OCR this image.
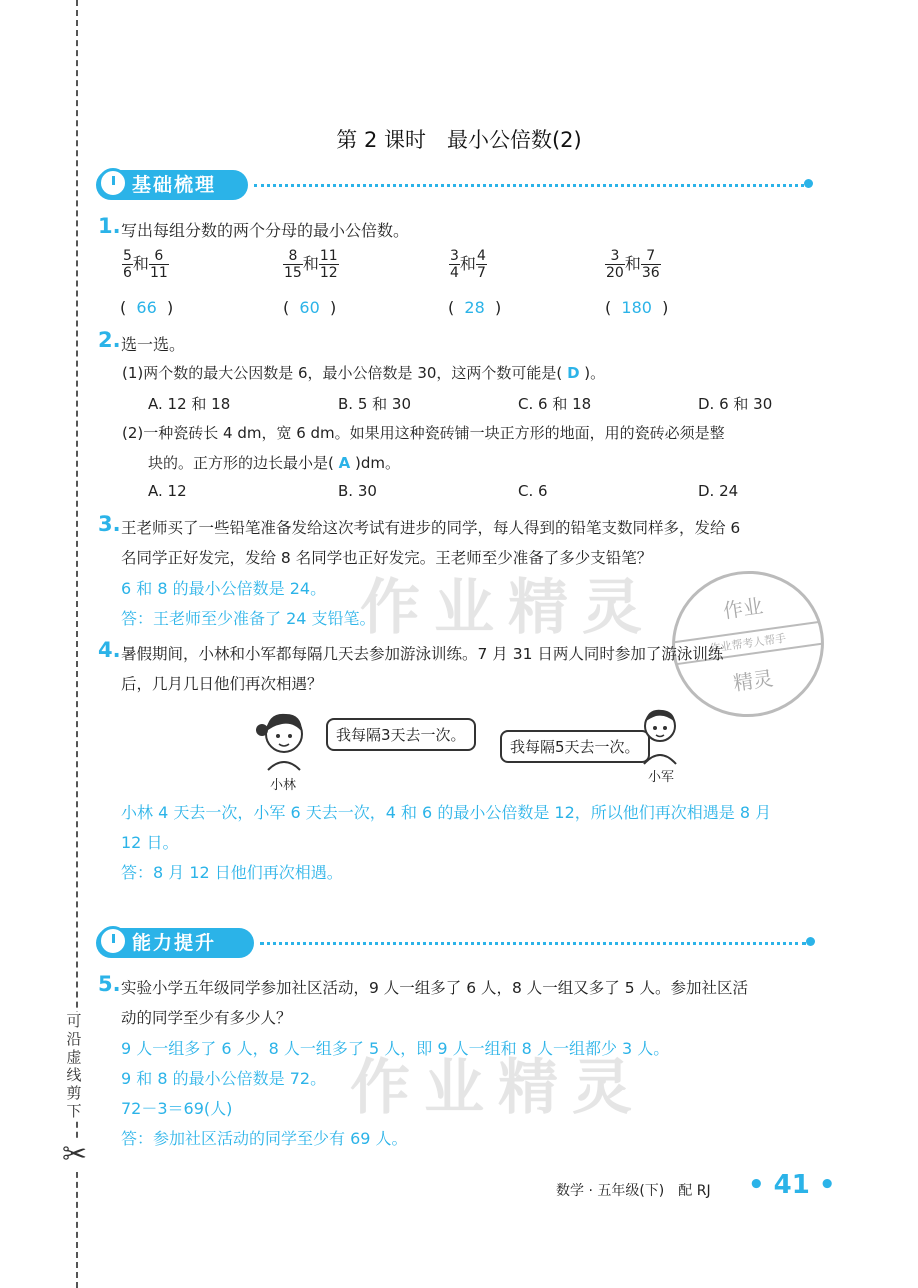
可沿虚线剪下
✂
第 2 课时　最小公倍数(2)
基础梳理
1. 写出每组分数的两个分母的最小公倍数。
$\frac{5}{6}$ 和 $\frac{6}{11}$	$\frac{8}{15}$ 和 $\frac{11}{12}$	$\frac{3}{4}$ 和 $\frac{4}{7}$	$\frac{3}{20}$ 和 $\frac{7}{36}$
(  66  )	(  60  )	(  28  )	(  180  )
2. 选一选。
(1)两个数的最大公因数是 6，最小公倍数是 30，这两个数可能是( D )。
A. 12 和 18	B. 5 和 30	C. 6 和 18	D. 6 和 30
(2)一种瓷砖长 4 dm，宽 6 dm。如果用这种瓷砖铺一块正方形的地面，用的瓷砖必须是整
块的。正方形的边长最小是( A )dm。
A. 12	B. 30	C. 6	D. 24
3. 王老师买了一些铅笔准备发给这次考试有进步的同学，每人得到的铅笔支数同样多，发给 6
名同学正好发完，发给 8 名同学也正好发完。王老师至少准备了多少支铅笔？
6 和 8 的最小公倍数是 24。
答：王老师至少准备了 24 支铅笔。
作业精灵	作业
作业帮考人帮手
精灵
4. 暑假期间，小林和小军都每隔几天去参加游泳训练。7 月 31 日两人同时参加了游泳训练
后，几月几日他们再次相遇？
小林
我每隔3天去一次。
我每隔5天去一次。
小军
小林 4 天去一次，小军 6 天去一次，4 和 6 的最小公倍数是 12，所以他们再次相遇是 8 月
12 日。
答：8 月 12 日他们再次相遇。
能力提升
5. 实验小学五年级同学参加社区活动，9 人一组多了 6 人，8 人一组又多了 5 人。参加社区活
动的同学至少有多少人？
9 人一组多了 6 人，8 人一组多了 5 人，即 9 人一组和 8 人一组都少 3 人。
9 和 8 的最小公倍数是 72。
72－3＝69(人)
答：参加社区活动的同学至少有 69 人。
作业精灵
数学 · 五年级(下)　配 RJ • 41 •
